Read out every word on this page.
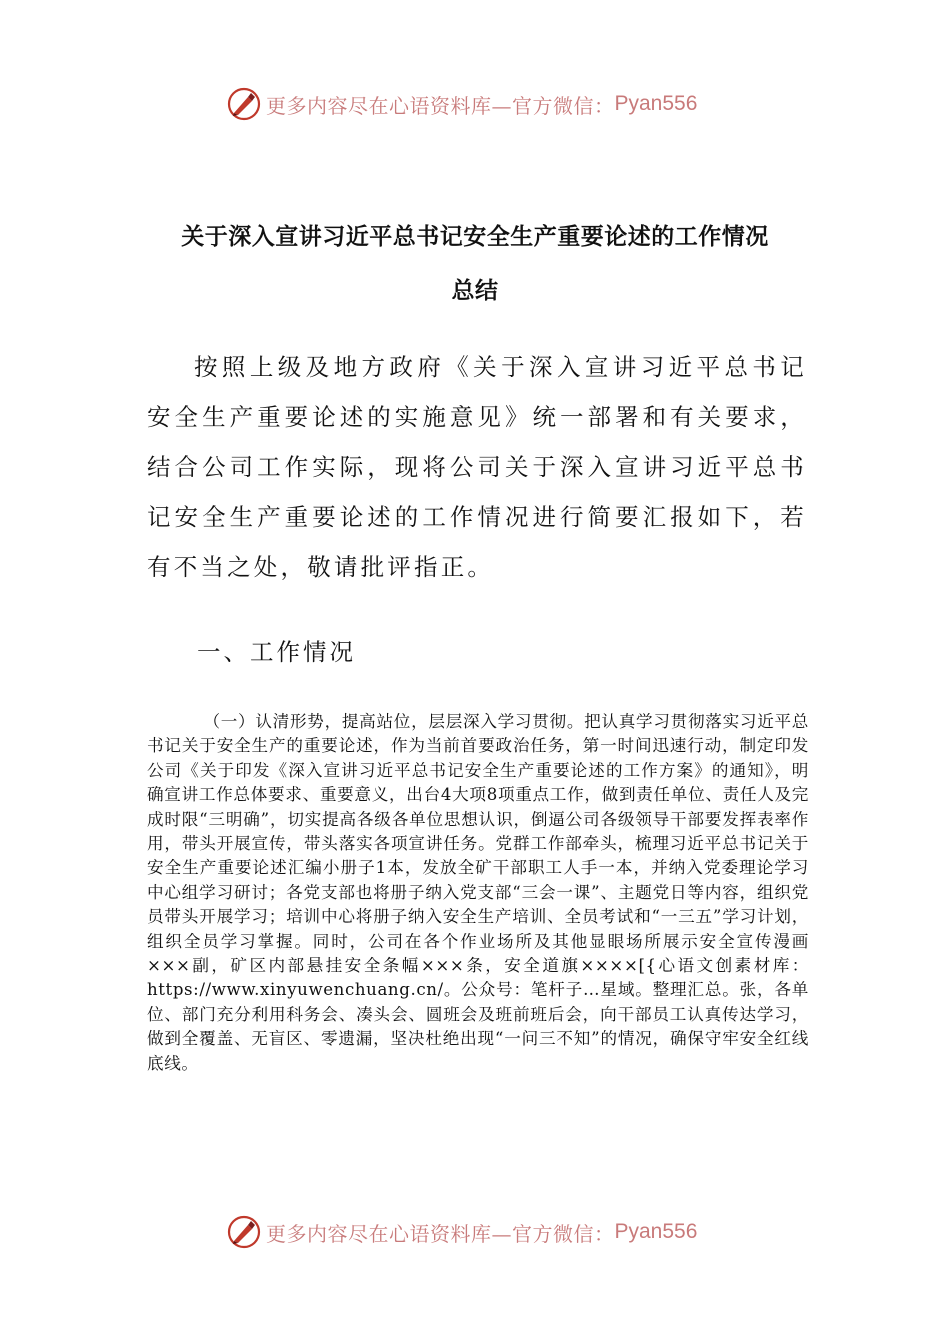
更多内容尽在心语资料库—官方微信： Pyan556
关于深入宣讲习近平总书记安全生产重要论述的工作情况
总结
按照上级及地方政府《关于深入宣讲习近平总书记安全生产重要论述的实施意见》统一部署和有关要求，结合公司工作实际，现将公司关于深入宣讲习近平总书记安全生产重要论述的工作情况进行简要汇报如下，若有不当之处，敬请批评指正。
一、工作情况
（一）认清形势，提高站位，层层深入学习贯彻。把认真学习贯彻落实习近平总书记关于安全生产的重要论述，作为当前首要政治任务，第一时间迅速行动，制定印发公司《关于印发《深入宣讲习近平总书记安全生产重要论述的工作方案》的通知》，明确宣讲工作总体要求、重要意义，出台4大项8项重点工作，做到责任单位、责任人及完成时限“三明确”，切实提高各级各单位思想认识，倒逼公司各级领导干部要发挥表率作用，带头开展宣传，带头落实各项宣讲任务。党群工作部牵头，梳理习近平总书记关于安全生产重要论述汇编小册子1本，发放全矿干部职工人手一本，并纳入党委理论学习中心组学习研讨；各党支部也将册子纳入党支部“三会一课”、主题党日等内容，组织党员带头开展学习；培训中心将册子纳入安全生产培训、全员考试和“一三五”学习计划，组织全员学习掌握。同时，公司在各个作业场所及其他显眼场所展示安全宣传漫画×××副，矿区内部悬挂安全条幅×××条，安全道旗××××[{心语文创素材库：https://www.xinyuwenchuang.cn/。公众号：笔杆子…星域。整理汇总。张，各单位、部门充分利用科务会、凑头会、圆班会及班前班后会，向干部员工认真传达学习，做到全覆盖、无盲区、零遗漏，坚决杜绝出现“一问三不知”的情况，确保守牢安全红线底线。
更多内容尽在心语资料库—官方微信： Pyan556
